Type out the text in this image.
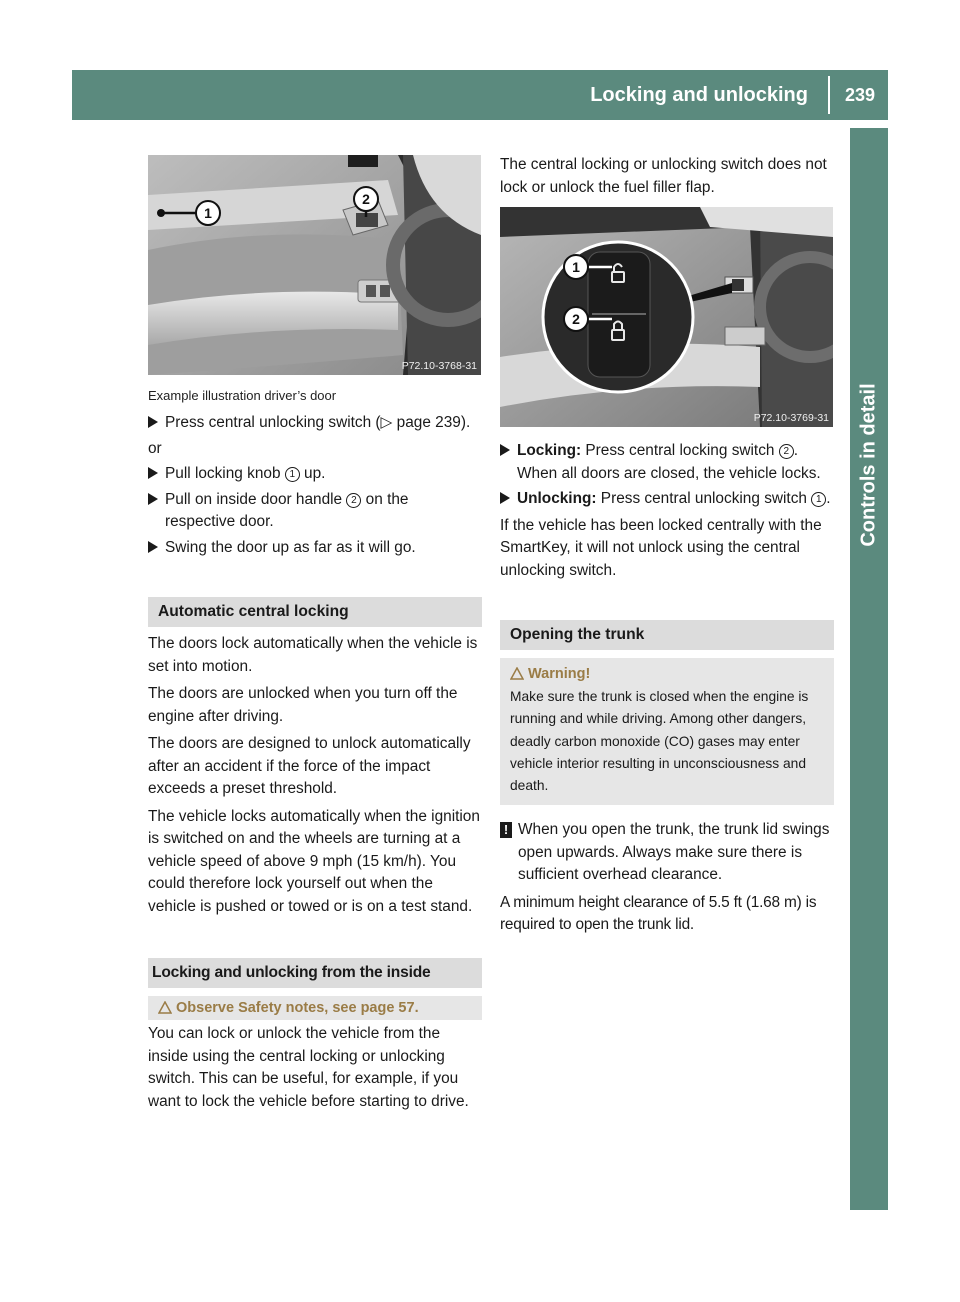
Locking and unlocking	239
Controls in detail
1
2
P72.10-3768-31
Example illustration driver’s door
Press central unlocking switch (▷ page 239).

or

Pull locking knob 1 up.
Pull on inside door handle 2 on the respective door.
Swing the door up as far as it will go.
Automatic central locking

The doors lock automatically when the vehicle is set into motion.

The doors are unlocked when you turn off the engine after driving.

The doors are designed to unlock automatically after an accident if the force of the impact exceeds a preset threshold.

The vehicle locks automatically when the ignition is switched on and the wheels are turning at a vehicle speed of above 9 mph (15 km/h). You could therefore lock yourself out when the vehicle is pushed or towed or is on a test stand.

Locking and unlocking from the inside
Observe Safety notes, see page 57.

You can lock or unlock the vehicle from the inside using the central locking or unlocking switch. This can be useful, for example, if you want to lock the vehicle before starting to drive.

The central locking or unlocking switch does not lock or unlock the fuel filler flap.

1
2
P72.10-3769-31
Locking: Press central locking switch 2 . When all doors are closed, the vehicle locks.
Unlocking: Press central unlocking switch 1 .

If the vehicle has been locked centrally with the SmartKey, it will not unlock using the central unlocking switch.

Opening the trunk
Warning!
Make sure the trunk is closed when the engine is running and while driving. Among other dangers, deadly carbon monoxide (CO) gases may enter vehicle interior resulting in unconsciousness and death.
! When you open the trunk, the trunk lid swings open upwards. Always make sure there is sufficient overhead clearance.

A minimum height clearance of 5.5 ft (1.68 m) is required to open the trunk lid.
